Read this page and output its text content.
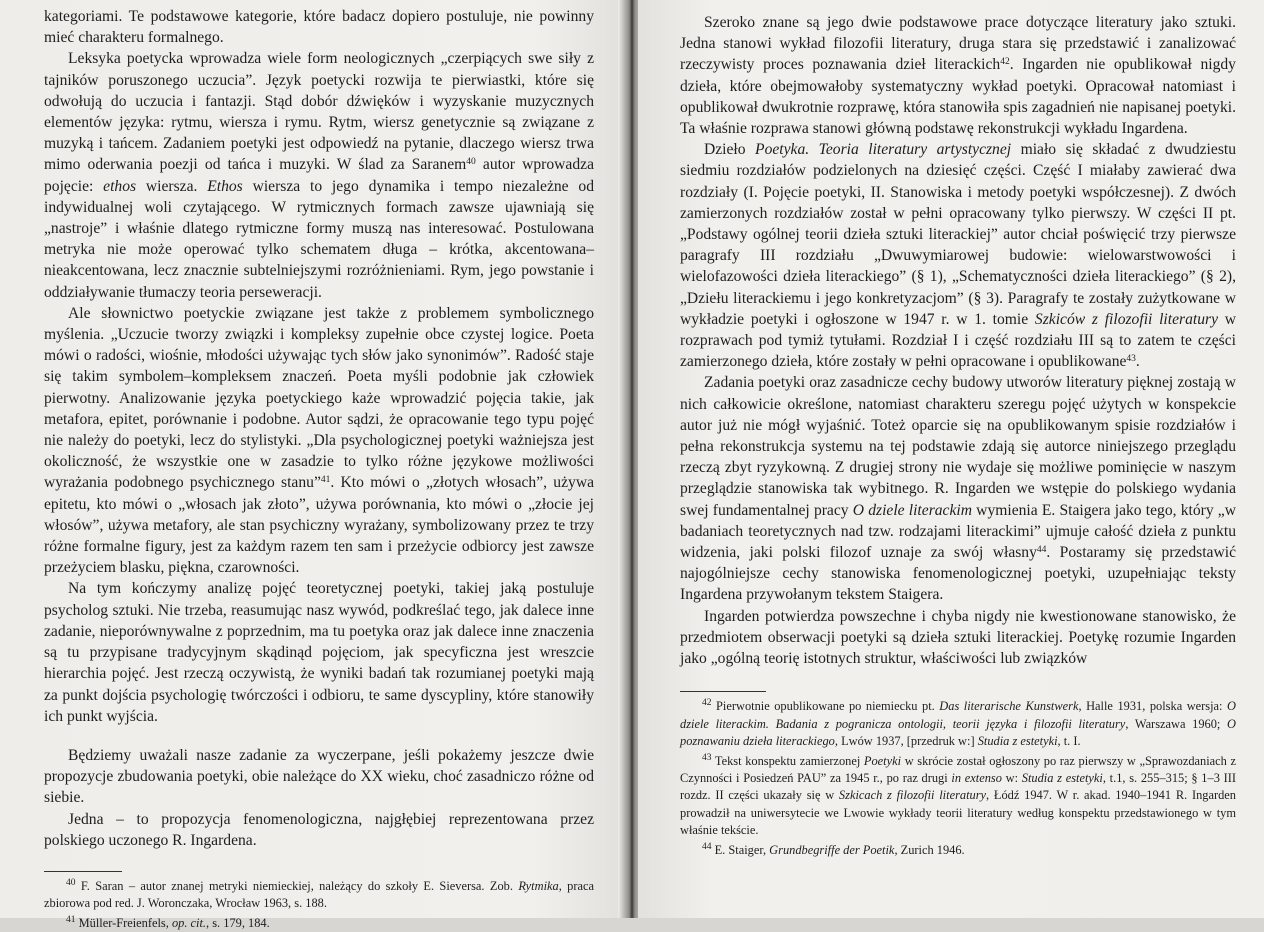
kategoriami. Te podstawowe kategorie, które badacz dopiero postuluje, nie powinny mieć charakteru formalnego.

Leksyka poetycka wprowadza wiele form neologicznych „czerpiących swe siły z tajników poruszonego uczucia”. Język poetycki rozwija te pierwiastki, które się odwołują do uczucia i fantazji. Stąd dobór dźwięków i wyzyskanie muzycznych elementów języka: rytmu, wiersza i rymu. Rytm, wiersz genetycznie są związane z muzyką i tańcem. Zadaniem poetyki jest odpowiedź na pytanie, dlaczego wiersz trwa mimo oderwania poezji od tańca i muzyki. W ślad za Saranem$^{40}$ autor wprowadza pojęcie: ethos wiersza. Ethos wiersza to jego dynamika i tempo niezależne od indywidualnej woli czytającego. W rytmicznych formach zawsze ujawniają się „nastroje” i właśnie dlatego rytmiczne formy muszą nas interesować. Postulowana metryka nie może operować tylko schematem długa – krótka, akcentowana–nieakcentowana, lecz znacznie subtelniejszymi rozróżnieniami. Rym, jego powstanie i oddziaływanie tłumaczy teoria perseweracji.

Ale słownictwo poetyckie związane jest także z problemem symbolicznego myślenia. „Uczucie tworzy związki i kompleksy zupełnie obce czystej logice. Poeta mówi o radości, wiośnie, młodości używając tych słów jako synonimów”. Radość staje się takim symbolem–kompleksem znaczeń. Poeta myśli podobnie jak człowiek pierwotny. Analizowanie języka poetyckiego każe wprowadzić pojęcia takie, jak metafora, epitet, porównanie i podobne. Autor sądzi, że opracowanie tego typu pojęć nie należy do poetyki, lecz do stylistyki. „Dla psychologicznej poetyki ważniejsza jest okoliczność, że wszystkie one w zasadzie to tylko różne językowe możliwości wyrażania podobnego psychicznego stanu”$^{41}$. Kto mówi o „złotych włosach”, używa epitetu, kto mówi o „włosach jak złoto”, używa porównania, kto mówi o „złocie jej włosów”, używa metafory, ale stan psychiczny wyrażany, symbolizowany przez te trzy różne formalne figury, jest za każdym razem ten sam i przeżycie odbiorcy jest zawsze przeżyciem blasku, piękna, czarowności.

Na tym kończymy analizę pojęć teoretycznej poetyki, takiej jaką postuluje psycholog sztuki. Nie trzeba, reasumując nasz wywód, podkreślać tego, jak dalece inne zadanie, nieporównywalne z poprzednim, ma tu poetyka oraz jak dalece inne znaczenia są tu przypisane tradycyjnym skądinąd pojęciom, jak specyficzna jest wreszcie hierarchia pojęć. Jest rzeczą oczywistą, że wyniki badań tak rozumianej poetyki mają za punkt dojścia psychologię twórczości i odbioru, te same dyscypliny, które stanowiły ich punkt wyjścia.

Będziemy uważali nasze zadanie za wyczerpane, jeśli pokażemy jeszcze dwie propozycje zbudowania poetyki, obie należące do XX wieku, choć zasadniczo różne od siebie.

Jedna – to propozycja fenomenologiczna, najgłębiej reprezentowana przez polskiego uczonego R. Ingardena.

$^{40}$ F. Saran – autor znanej metryki niemieckiej, należący do szkoły E. Sieversa. Zob. Rytmika, praca zbiorowa pod red. J. Woronczaka, Wrocław 1963, s. 188.

$^{41}$ Müller-Freienfels, op. cit., s. 179, 184.

Szeroko znane są jego dwie podstawowe prace dotyczące literatury jako sztuki. Jedna stanowi wykład filozofii literatury, druga stara się przedstawić i zanalizować rzeczywisty proces poznawania dzieł literackich$^{42}$. Ingarden nie opublikował nigdy dzieła, które obejmowałoby systematyczny wykład poetyki. Opracował natomiast i opublikował dwukrotnie rozprawę, która stanowiła spis zagadnień nie napisanej poetyki. Ta właśnie rozprawa stanowi główną podstawę rekonstrukcji wykładu Ingardena.

Dzieło Poetyka. Teoria literatury artystycznej miało się składać z dwudziestu siedmiu rozdziałów podzielonych na dziesięć części. Część I miałaby zawierać dwa rozdziały (I. Pojęcie poetyki, II. Stanowiska i metody poetyki współczesnej). Z dwóch zamierzonych rozdziałów został w pełni opracowany tylko pierwszy. W części II pt. „Podstawy ogólnej teorii dzieła sztuki literackiej” autor chciał poświęcić trzy pierwsze paragrafy III rozdziału „Dwuwymiarowej budowie: wielowarstwowości i wielofazowości dzieła literackiego” (§ 1), „Schematyczności dzieła literackiego” (§ 2), „Dziełu literackiemu i jego konkretyzacjom” (§ 3). Paragrafy te zostały zużytkowane w wykładzie poetyki i ogłoszone w 1947 r. w 1. tomie Szkiców z filozofii literatury w rozprawach pod tymiż tytułami. Rozdział I i część rozdziału III są to zatem te części zamierzonego dzieła, które zostały w pełni opracowane i opublikowane$^{43}$.

Zadania poetyki oraz zasadnicze cechy budowy utworów literatury pięknej zostają w nich całkowicie określone, natomiast charakteru szeregu pojęć użytych w konspekcie autor już nie mógł wyjaśnić. Toteż oparcie się na opublikowanym spisie rozdziałów i pełna rekonstrukcja systemu na tej podstawie zdają się autorce niniejszego przeglądu rzeczą zbyt ryzykowną. Z drugiej strony nie wydaje się możliwe pominięcie w naszym przeglądzie stanowiska tak wybitnego. R. Ingarden we wstępie do polskiego wydania swej fundamentalnej pracy O dziele literackim wymienia E. Staigera jako tego, który „w badaniach teoretycznych nad tzw. rodzajami literackimi” ujmuje całość dzieła z punktu widzenia, jaki polski filozof uznaje za swój własny$^{44}$. Postaramy się przedstawić najogólniejsze cechy stanowiska fenomenologicznej poetyki, uzupełniając teksty Ingardena przywołanym tekstem Staigera.

Ingarden potwierdza powszechne i chyba nigdy nie kwestionowane stanowisko, że przedmiotem obserwacji poetyki są dzieła sztuki literackiej. Poetykę rozumie Ingarden jako „ogólną teorię istotnych struktur, właściwości lub związków

$^{42}$ Pierwotnie opublikowane po niemiecku pt. Das literarische Kunstwerk, Halle 1931, polska wersja: O dziele literackim. Badania z pogranicza ontologii, teorii języka i filozofii literatury, Warszawa 1960; O poznawaniu dzieła literackiego, Lwów 1937, [przedruk w:] Studia z estetyki, t. I.

$^{43}$ Tekst konspektu zamierzonej Poetyki w skrócie został ogłoszony po raz pierwszy w „Sprawozdaniach z Czynności i Posiedzeń PAU” za 1945 r., po raz drugi in extenso w: Studia z estetyki, t.1, s. 255–315; § 1–3 III rozdz. II części ukazały się w Szkicach z filozofii literatury, Łódź 1947. W r. akad. 1940–1941 R. Ingarden prowadził na uniwersytecie we Lwowie wykłady teorii literatury według konspektu przedstawionego w tym właśnie tekście.

$^{44}$ E. Staiger, Grundbegriffe der Poetik, Zurich 1946.
